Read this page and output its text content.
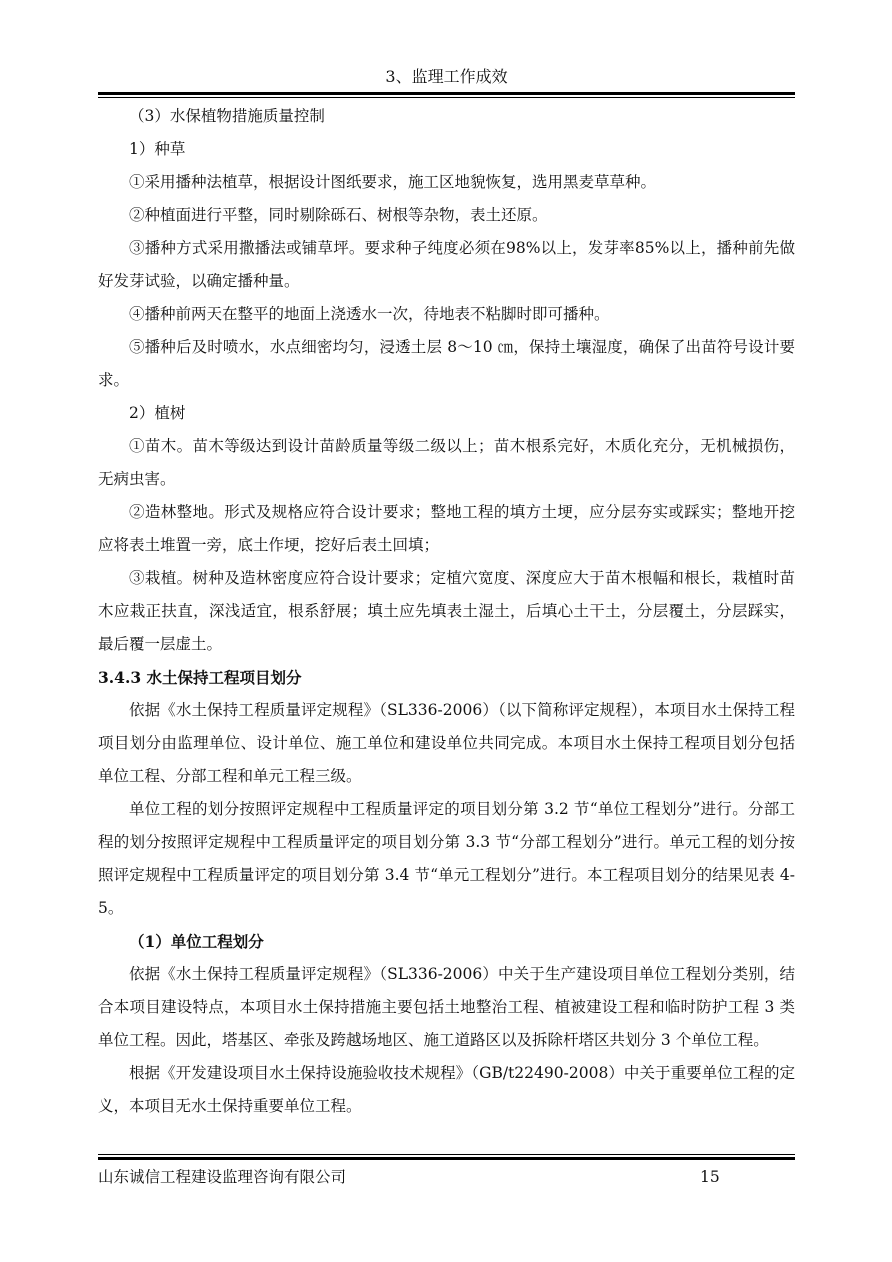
3、监理工作成效

（3）水保植物措施质量控制

1）种草

①采用播种法植草，根据设计图纸要求，施工区地貌恢复，选用黑麦草草种。

②种植面进行平整，同时剔除砾石、树根等杂物，表土还原。

③播种方式采用撒播法或铺草坪。要求种子纯度必须在98%以上，发芽率85%以上，播种前先做好发芽试验，以确定播种量。

④播种前两天在整平的地面上浇透水一次，待地表不粘脚时即可播种。

⑤播种后及时喷水，水点细密均匀，浸透土层 8～10 ㎝，保持土壤湿度，确保了出苗符号设计要求。

2）植树

①苗木。苗木等级达到设计苗龄质量等级二级以上；苗木根系完好，木质化充分，无机械损伤，无病虫害。

②造林整地。形式及规格应符合设计要求；整地工程的填方土埂，应分层夯实或踩实；整地开挖应将表土堆置一旁，底土作埂，挖好后表土回填；

③栽植。树种及造林密度应符合设计要求；定植穴宽度、深度应大于苗木根幅和根长，栽植时苗木应栽正扶直，深浅适宜，根系舒展；填土应先填表土湿土，后填心土干土，分层覆土，分层踩实，最后覆一层虚土。

3.4.3 水土保持工程项目划分

依据《水土保持工程质量评定规程》（SL336-2006）（以下简称评定规程），本项目水土保持工程项目划分由监理单位、设计单位、施工单位和建设单位共同完成。本项目水土保持工程项目划分包括单位工程、分部工程和单元工程三级。

单位工程的划分按照评定规程中工程质量评定的项目划分第 3.2 节“单位工程划分”进行。分部工程的划分按照评定规程中工程质量评定的项目划分第 3.3 节“分部工程划分”进行。单元工程的划分按照评定规程中工程质量评定的项目划分第 3.4 节“单元工程划分”进行。本工程项目划分的结果见表 4-5。

（1）单位工程划分

依据《水土保持工程质量评定规程》（SL336-2006）中关于生产建设项目单位工程划分类别，结合本项目建设特点，本项目水土保持措施主要包括土地整治工程、植被建设工程和临时防护工程 3 类单位工程。因此，塔基区、牵张及跨越场地区、施工道路区以及拆除杆塔区共划分 3 个单位工程。

根据《开发建设项目水土保持设施验收技术规程》（GB/t22490-2008）中关于重要单位工程的定义，本项目无水土保持重要单位工程。

山东诚信工程建设监理咨询有限公司	15
